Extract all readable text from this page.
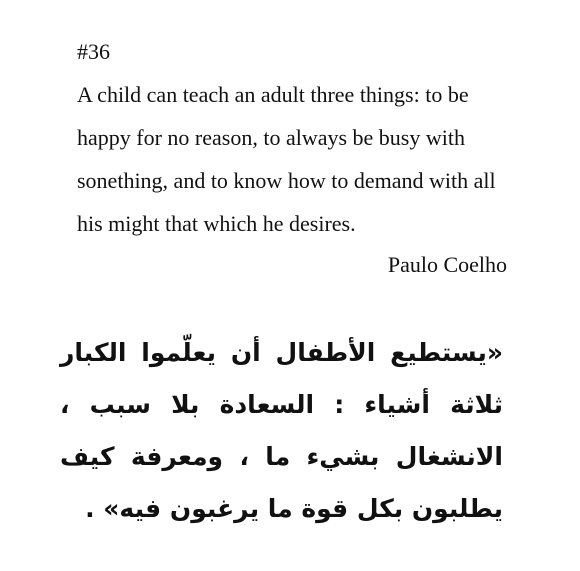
#36
A child can teach an adult three things: to be happy for no reason, to always be busy with sonething, and to know how to demand with all his might that which he desires.
Paulo Coelho
«يستطيع الأطفال أن يعلّموا الكبار ثلاثة أشياء : السعادة بلا سبب ، الانشغال بشيء ما ، ومعرفة كيف يطلبون بكل قوة ما يرغبون فيه» .
